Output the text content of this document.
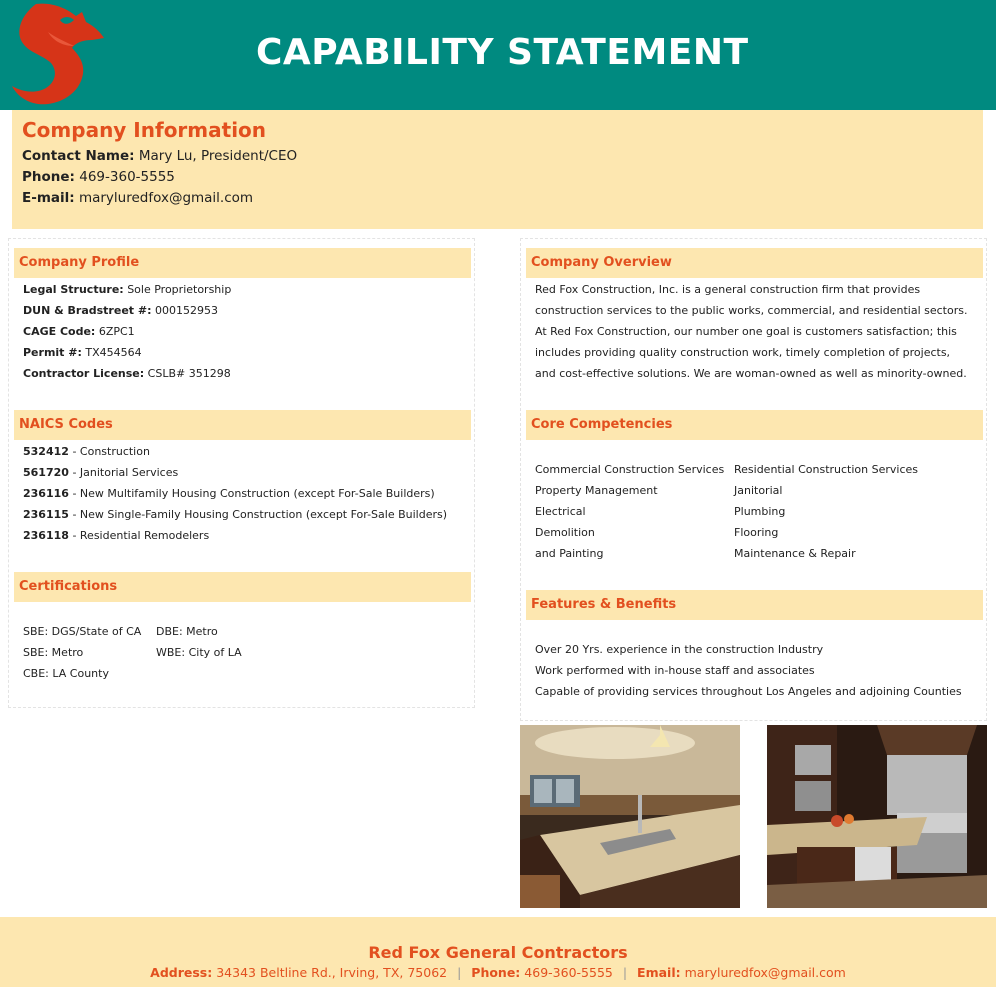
CAPABILITY STATEMENT
Company Information
Contact Name: Mary Lu, President/CEO
Phone: 469-360-5555
E-mail: maryluredfox@gmail.com
Company Profile
Legal Structure: Sole Proprietorship
DUN & Bradstreet #: 000152953
CAGE Code: 6ZPC1
Permit #: TX454564
Contractor License: CSLB# 351298
NAICS Codes
532412 - Construction
561720 - Janitorial Services
236116 - New Multifamily Housing Construction (except For-Sale Builders)
236115 - New Single-Family Housing Construction (except For-Sale Builders)
236118 - Residential Remodelers
Certifications
SBE: DGS/State of CA	DBE: Metro
SBE: Metro	WBE: City of LA
CBE: LA County
Company Overview
Red Fox Construction, Inc. is a general construction firm that provides construction services to the public works, commercial, and residential sectors. At Red Fox Construction, our number one goal is customers satisfaction; this includes providing quality construction work, timely completion of projects, and cost-effective solutions. We are woman-owned as well as minority-owned.
Core Competencies
Commercial Construction Services Residential Construction Services
Property Management	Janitorial
Electrical	Plumbing
Demolition	Flooring
and Painting	Maintenance & Repair
Features & Benefits
Over 20 Yrs. experience in the construction Industry
Work performed with in-house staff and associates
Capable of providing services throughout Los Angeles and adjoining Counties
Red Fox General Contractors
Address: 34343 Beltline Rd., Irving, TX, 75062 | Phone: 469-360-5555 | Email: maryluredfox@gmail.com
